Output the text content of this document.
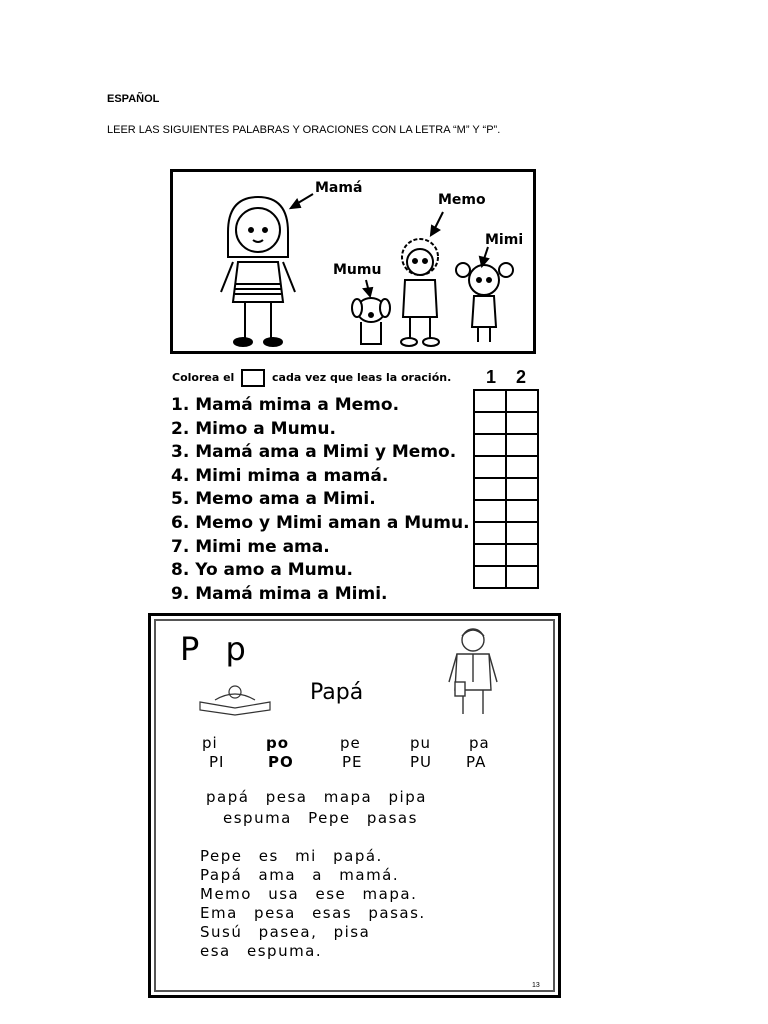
ESPAÑOL
LEER LAS SIGUIENTES PALABRAS Y ORACIONES CON LA LETRA “M” Y “P”.
Mamá
Memo
Mimi
Mumu
Colorea el	cada vez que leas la oración. 1 2
1. Mamá mima a Memo.
2. Mimo a Mumu.
3. Mamá ama a Mimi y Memo.
4. Mimi mima a mamá.
5. Memo ama a Mimi.
6. Memo y Mimi aman a Mumu.
7. Mimi me ama.
8. Yo amo a Mumu.
9. Mamá mima a Mimi.

P p
Papá
pi	po	pe	pu	pa
PI	PO	PE	PU PA
papá pesa mapa pipa
espuma Pepe pasas
Pepe es mi papá.
Papá ama a mamá.
Memo usa ese mapa.
Ema pesa esas pasas.
Susú pasea, pisa
esa espuma.
13
